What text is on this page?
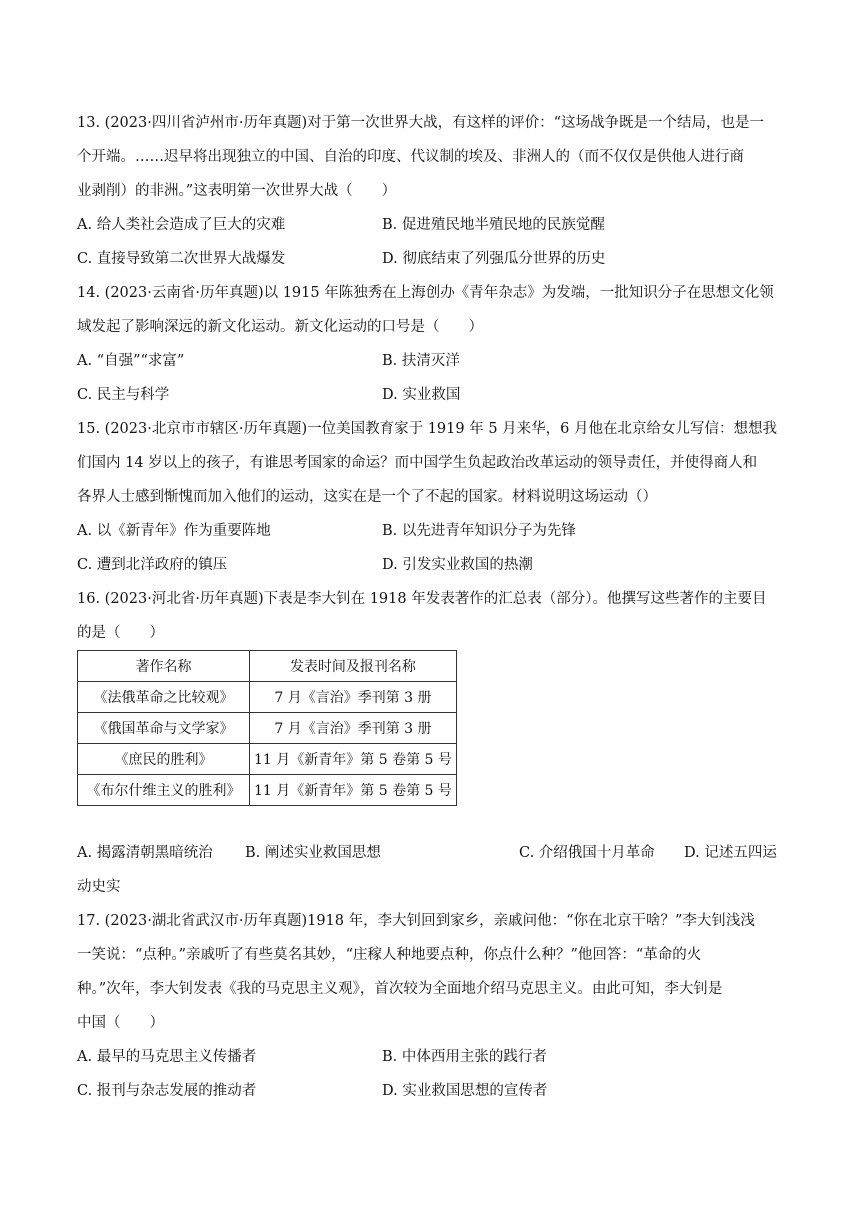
13. (2023·四川省泸州市·历年真题)对于第一次世界大战，有这样的评价：“这场战争既是一个结局，也是一
个开端。……迟早将出现独立的中国、自治的印度、代议制的埃及、非洲人的（而不仅仅是供他人进行商
业剥削）的非洲。”这表明第一次世界大战（　　）
A. 给人类社会造成了巨大的灾难	B. 促进殖民地半殖民地的民族觉醒
C. 直接导致第二次世界大战爆发	D. 彻底结束了列强瓜分世界的历史
14. (2023·云南省·历年真题)以 1915 年陈独秀在上海创办《青年杂志》为发端，一批知识分子在思想文化领
域发起了影响深远的新文化运动。新文化运动的口号是（　　）
A. “自强”“求富”	B. 扶清灭洋
C. 民主与科学	D. 实业救国
15. (2023·北京市市辖区·历年真题)一位美国教育家于 1919 年 5 月来华，6 月他在北京给女儿写信：想想我
们国内 14 岁以上的孩子，有谁思考国家的命运？而中国学生负起政治改革运动的领导责任，并使得商人和
各界人士感到惭愧而加入他们的运动，这实在是一个了不起的国家。材料说明这场运动（）
A. 以《新青年》作为重要阵地	B. 以先进青年知识分子为先锋
C. 遭到北洋政府的镇压	D. 引发实业救国的热潮
16. (2023·河北省·历年真题)下表是李大钊在 1918 年发表著作的汇总表（部分）。他撰写这些著作的主要目
的是（　　）
著作名称	发表时间及报刊名称
《法俄革命之比较观》	7 月《言治》季刊第 3 册
《俄国革命与文学家》	7 月《言治》季刊第 3 册
《庶民的胜利》	11 月《新青年》第 5 卷第 5 号
《布尔什维主义的胜利》	11 月《新青年》第 5 卷第 5 号
A. 揭露清朝黑暗统治 B. 阐述实业救国思想	C. 介绍俄国十月革命 D. 记述五四运
动史实
17. (2023·湖北省武汉市·历年真题)1918 年，李大钊回到家乡，亲戚问他：“你在北京干啥？”李大钊浅浅
一笑说：“点种。”亲戚听了有些莫名其妙，“庄稼人种地要点种，你点什么种？”他回答：“革命的火
种。”次年，李大钊发表《我的马克思主义观》，首次较为全面地介绍马克思主义。由此可知，李大钊是
中国（　　）
A. 最早的马克思主义传播者	B. 中体西用主张的践行者
C. 报刊与杂志发展的推动者	D. 实业救国思想的宣传者
